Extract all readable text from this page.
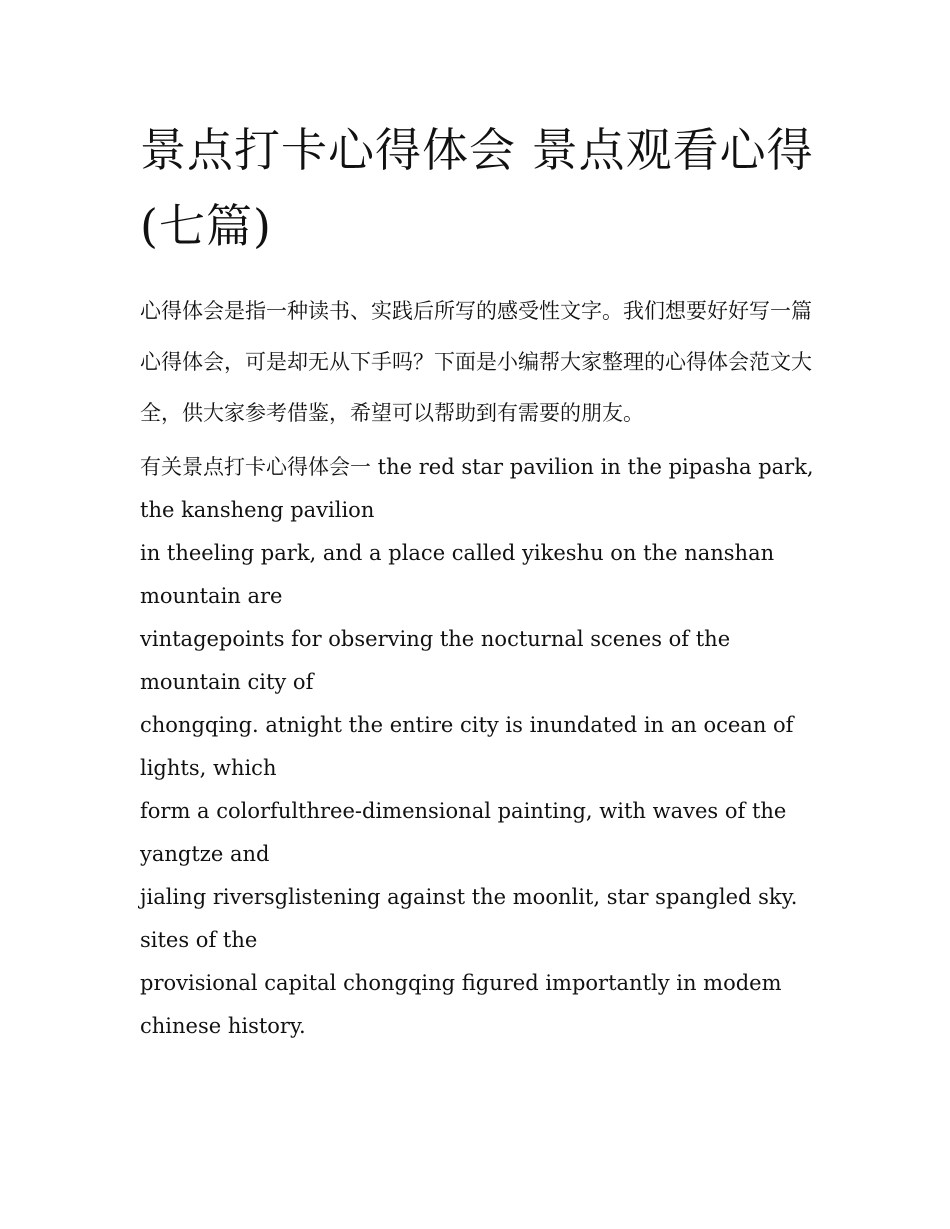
景点打卡心得体会 景点观看心得(七篇)

心得体会是指一种读书、实践后所写的感受性文字。我们想要好好写一篇心得体会，可是却无从下手吗？下面是小编帮大家整理的心得体会范文大全，供大家参考借鉴，希望可以帮助到有需要的朋友。

有关景点打卡心得体会一 the red star pavilion in the pipasha park, the kansheng pavilion
in theeling park, and a place called yikeshu on the nanshan mountain are
vintagepoints for observing the nocturnal scenes of the mountain city of
chongqing. atnight the entire city is inundated in an ocean of lights, which
form a colorfulthree-dimensional painting, with waves of the yangtze and
jialing riversglistening against the moonlit, star spangled sky. sites of the
provisional capital chongqing figured importantly in modem chinese history.
